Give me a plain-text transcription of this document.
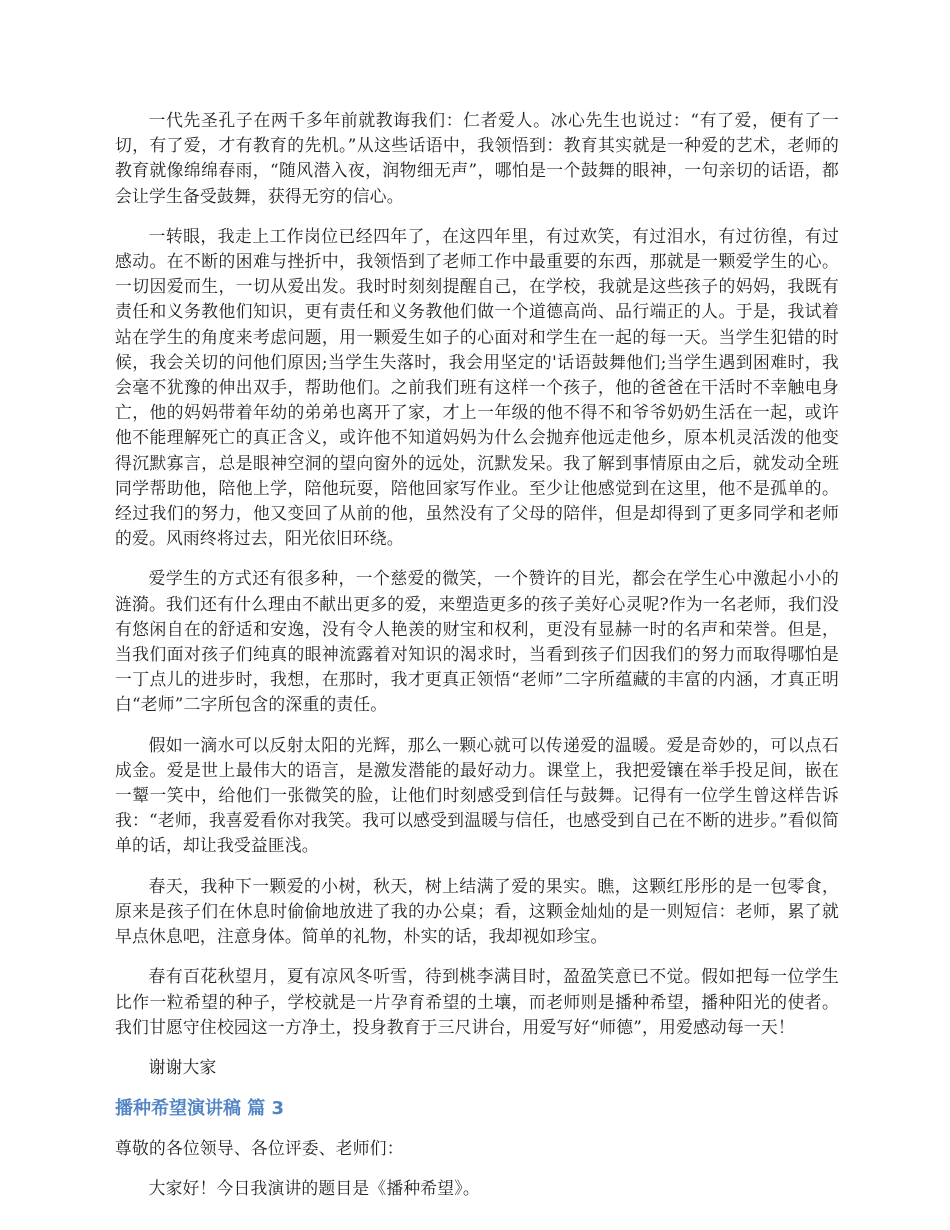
一代先圣孔子在两千多年前就教诲我们：仁者爱人。冰心先生也说过：“有了爱，便有了一切，有了爱，才有教育的先机。”从这些话语中，我领悟到：教育其实就是一种爱的艺术，老师的教育就像绵绵春雨，“随风潜入夜，润物细无声”，哪怕是一个鼓舞的眼神，一句亲切的话语，都会让学生备受鼓舞，获得无穷的信心。

一转眼，我走上工作岗位已经四年了，在这四年里，有过欢笑，有过泪水，有过彷徨，有过感动。在不断的困难与挫折中，我领悟到了老师工作中最重要的东西，那就是一颗爱学生的心。一切因爱而生，一切从爱出发。我时时刻刻提醒自己，在学校，我就是这些孩子的妈妈，我既有责任和义务教他们知识，更有责任和义务教他们做一个道德高尚、品行端正的人。于是，我试着站在学生的角度来考虑问题，用一颗爱生如子的心面对和学生在一起的每一天。当学生犯错的时候，我会关切的问他们原因;当学生失落时，我会用坚定的'话语鼓舞他们;当学生遇到困难时，我会毫不犹豫的伸出双手，帮助他们。之前我们班有这样一个孩子，他的爸爸在干活时不幸触电身亡，他的妈妈带着年幼的弟弟也离开了家，才上一年级的他不得不和爷爷奶奶生活在一起，或许他不能理解死亡的真正含义，或许他不知道妈妈为什么会抛弃他远走他乡，原本机灵活泼的他变得沉默寡言，总是眼神空洞的望向窗外的远处，沉默发呆。我了解到事情原由之后，就发动全班同学帮助他，陪他上学，陪他玩耍，陪他回家写作业。至少让他感觉到在这里，他不是孤单的。经过我们的努力，他又变回了从前的他，虽然没有了父母的陪伴，但是却得到了更多同学和老师的爱。风雨终将过去，阳光依旧环绕。

爱学生的方式还有很多种，一个慈爱的微笑，一个赞许的目光，都会在学生心中激起小小的涟漪。我们还有什么理由不献出更多的爱，来塑造更多的孩子美好心灵呢?作为一名老师，我们没有悠闲自在的舒适和安逸，没有令人艳羡的财宝和权利，更没有显赫一时的名声和荣誉。但是，当我们面对孩子们纯真的眼神流露着对知识的渴求时，当看到孩子们因我们的努力而取得哪怕是一丁点儿的进步时，我想，在那时，我才更真正领悟“老师”二字所蕴藏的丰富的内涵，才真正明白“老师”二字所包含的深重的责任。

假如一滴水可以反射太阳的光辉，那么一颗心就可以传递爱的温暖。爱是奇妙的，可以点石成金。爱是世上最伟大的语言，是激发潜能的最好动力。课堂上，我把爱镶在举手投足间，嵌在一颦一笑中，给他们一张微笑的脸，让他们时刻感受到信任与鼓舞。记得有一位学生曾这样告诉我：“老师，我喜爱看你对我笑。我可以感受到温暖与信任，也感受到自己在不断的进步。”看似简单的话，却让我受益匪浅。

春天，我种下一颗爱的小树，秋天，树上结满了爱的果实。瞧，这颗红彤彤的是一包零食，原来是孩子们在休息时偷偷地放进了我的办公桌；看，这颗金灿灿的是一则短信：老师，累了就早点休息吧，注意身体。简单的礼物，朴实的话，我却视如珍宝。

春有百花秋望月，夏有凉风冬听雪，待到桃李满目时，盈盈笑意已不觉。假如把每一位学生比作一粒希望的种子，学校就是一片孕育希望的土壤，而老师则是播种希望，播种阳光的使者。我们甘愿守住校园这一方净土，投身教育于三尺讲台，用爱写好“师德”，用爱感动每一天！

谢谢大家

播种希望演讲稿 篇 3

尊敬的各位领导、各位评委、老师们：

大家好！今日我演讲的题目是《播种希望》。
